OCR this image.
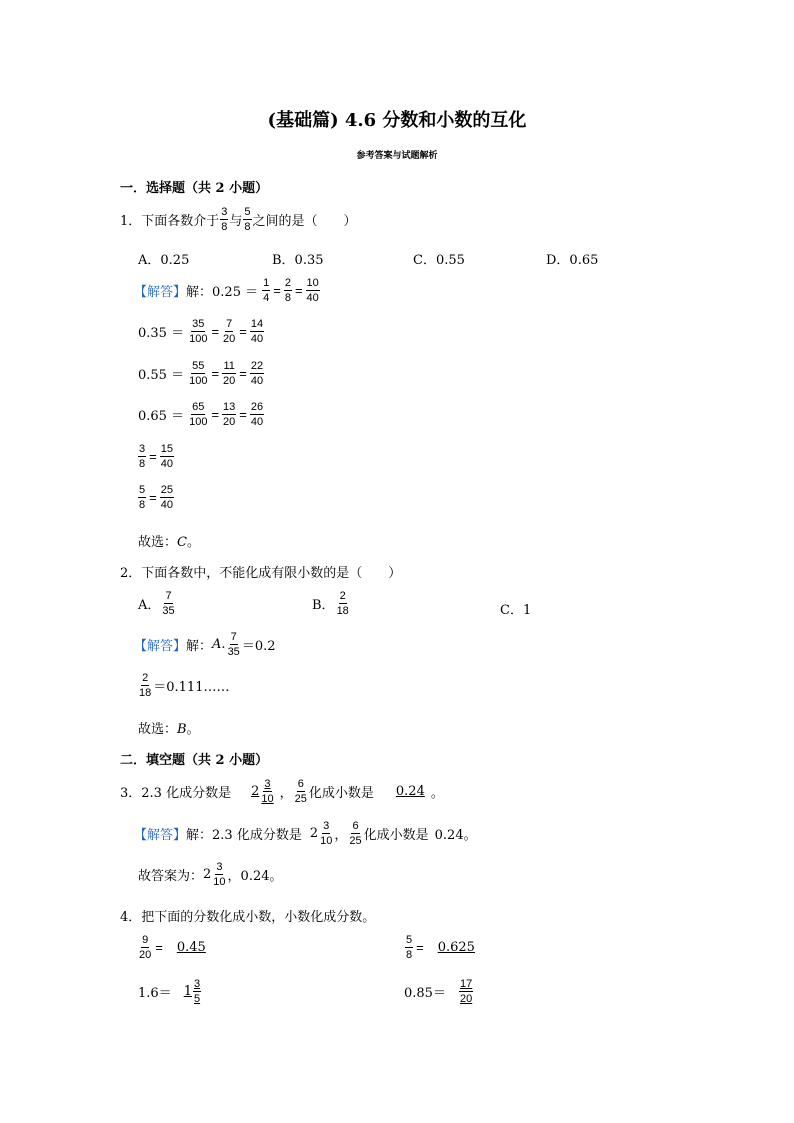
(基础篇) 4.6 分数和小数的互化
参考答案与试题解析
一．选择题（共 2 小题）
1．下面各数介于 $\frac{3}{8}$ 与 $\frac{5}{8}$ 之间的是（　　）
A．0.25	B．0.35	C．0.55	D．0.65
【解答】 解：$0.25 = \frac{1}{4} = \frac{2}{8} = \frac{10}{40}$
$0.35 = \frac{35}{100} = \frac{7}{20} = \frac{14}{40}$
$0.55 = \frac{55}{100} = \frac{11}{20} = \frac{22}{40}$
$0.65 = \frac{65}{100} = \frac{13}{20} = \frac{26}{40}$
$\frac{3}{8} = \frac{15}{40}$
$\frac{5}{8} = \frac{25}{40}$
故选：C。
2．下面各数中，不能化成有限小数的是（　　）
A． $\frac{7}{35}$	B． $\frac{2}{18}$	C．1
【解答】 解： A. $\frac{7}{35} =0.2$
$\frac{2}{18}$ ＝0.111……
故选：B。
二．填空题（共 2 小题）
3．2.3 化成分数是 $2 \frac{3}{10}$ ， $\frac{6}{25}$ 化成小数是	0.24 。
【解答】 解：2.3 化成分数是 $2 \frac{3}{10}$ ， $\frac{6}{25}$ 化成小数是 0.24。
故答案为： $2 \frac{3}{10}$ ，0.24。
4．把下面的分数化成小数，小数化成分数。
$\frac{9}{20}$ =	0.45	$\frac{5}{8}$ =	0.625
$1.6= 1 \frac{3}{5}$	$0.85= \frac{17}{20}$
